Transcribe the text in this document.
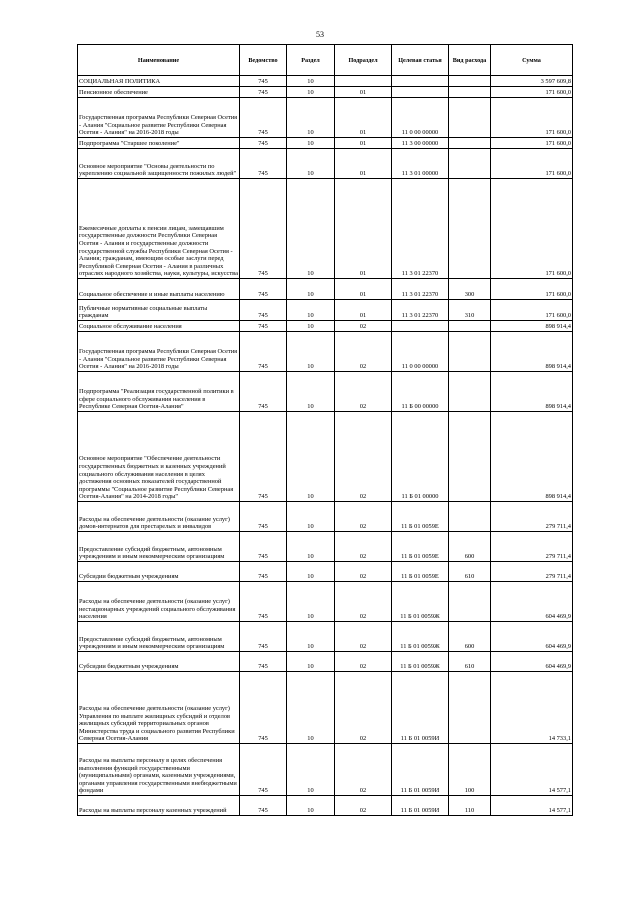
53
Наименование	Ведомство	Раздел	Подраздел	Целевая статья	Вид расхода	Сумма
СОЦИАЛЬНАЯ ПОЛИТИКА	745	10				3 597 609,8
Пенсионное обеспечение	745	10	01			171 600,0
Государственная программа Республики Северная Осетия - Алания "Социальное развитие Республики Северная Осетия - Алания" на 2016-2018 годы	745	10	01	11 0 00 00000		171 600,0
Подпрограмма "Старшее поколение"	745	10	01	11 3 00 00000		171 600,0
Основное мероприятие "Основы деятельности по укреплению социальной защищенности пожилых людей"	745	10	01	11 3 01 00000		171 600,0
Ежемесячные доплаты к пенсии лицам, замещавшим государственные должности Республики Северная Осетия - Алания и государственные должности государственной службы Республики Северная Осетия - Алания; гражданам, имеющим особые заслуги перед Республикой Северная Осетия - Алания в различных отраслях народного хозяйства, науки, культуры, искусства	745	10	01	11 3 01 22370		171 600,0
Социальное обеспечение и иные выплаты населению	745	10	01	11 3 01 22370	300	171 600,0
Публичные нормативные социальные выплаты гражданам	745	10	01	11 3 01 22370	310	171 600,0
Социальное обслуживание населения	745	10	02			898 914,4
Государственная программа Республики Северная Осетия - Алания "Социальное развитие Республики Северная Осетия - Алания" на 2016-2018 годы	745	10	02	11 0 00 00000		898 914,4
Подпрограмма "Реализация государственной политики в сфере социального обслуживания населения в Республике Северная Осетия-Алания"	745	10	02	11 Б 00 00000		898 914,4
Основное мероприятие "Обеспечение деятельности государственных бюджетных и казенных учреждений социального обслуживания населения в целях достижения основных показателей государственной программы "Социальное развитие Республики Северная Осетия-Алания" на 2014-2018 годы"	745	10	02	11 Б 01 00000		898 914,4
Расходы на обеспечение деятельности (оказание услуг) домов-интернатов для престарелых и инвалидов	745	10	02	11 Б 01 0059Е		279 711,4
Предоставление субсидий бюджетным, автономным учреждениям и иным некоммерческим организациям	745	10	02	11 Б 01 0059Е	600	279 711,4
Субсидии бюджетным учреждениям	745	10	02	11 Б 01 0059Е	610	279 711,4
Расходы на обеспечение деятельности (оказание услуг) нестационарных учреждений социального обслуживания населения	745	10	02	11 Б 01 0059Ж		604 469,9
Предоставление субсидий бюджетным, автономным учреждениям и иным некоммерческим организациям	745	10	02	11 Б 01 0059Ж	600	604 469,9
Субсидии бюджетным учреждениям	745	10	02	11 Б 01 0059Ж	610	604 469,9
Расходы на обеспечение деятельности (оказание услуг) Управления по выплате жилищных субсидий и отделов жилищных субсидий территориальных органов Министерства труда и социального развития Республики Северная Осетия-Алания	745	10	02	11 Б 01 0059И		14 733,1
Расходы на выплаты персоналу в целях обеспечения выполнения функций государственными (муниципальными) органами, казенными учреждениями, органами управления государственными внебюджетными фондами	745	10	02	11 Б 01 0059И	100	14 577,1
Расходы на выплаты персоналу казенных учреждений	745	10	02	11 Б 01 0059И	110	14 577,1
